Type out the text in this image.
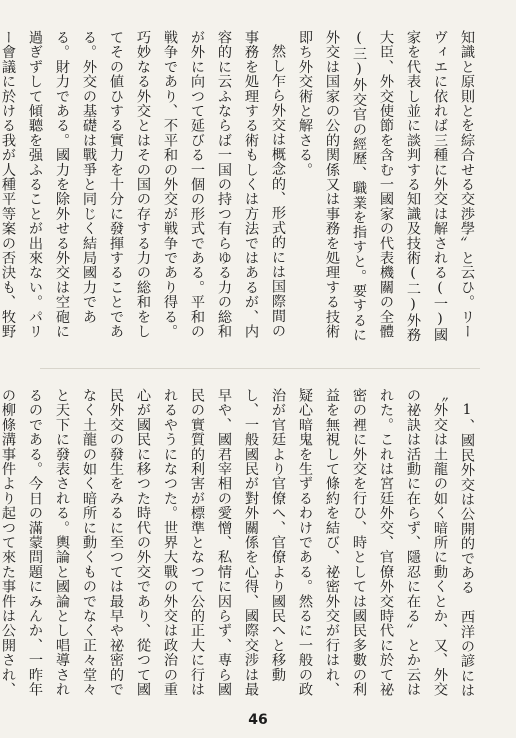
知識と原則とを綜合せる交渉學〟と云ひ。リーヴィエに依れば三種に外交は解される(一)國家を代表し並に談判する知識及技術(二)外務大臣、外交使節を含む一國家の代表機關の全體(三)外交官の經歷、職業を指すと。要するに

外交は国家の公的関係又は事務を処理する技術即ち外交術と解さる。

然し乍ら外交は概念的、形式的には国際間の事務を処理する術もしくは方法ではあるが、内容的に云ふならば一国の持つ有らゆる力の総和が外に向つて延びる一個の形式である。平和の戦争であり、不平和の外交が戦争であり得る。巧妙なる外交とはその国の存する力の総和をしてその値ひする實力を十分に發揮することである。外交の基礎は戰爭と同じく結局國力である。財力である。國力を除外せる外交は空砲に過ぎずして傾聽を强ふることが出來ない。パリー會議に於ける我が人種平等案の否決も、牧野

1、國民外交は公開的である　西洋の諺には〝外交は土龍の如く暗所に動くとか、又、外交の祕訣は活動に在らず、隱忍に在る〟とか云はれた。これは宮廷外交、官僚外交時代に於て祕密の裡に外交を行ひ、時としては國民多數の利益を無視して條約を結び、祕密外交が行はれ、疑心暗鬼を生ずるわけである。然るに一般の政治が官廷より官僚へ、官僚より國民へと移動し、一般國民が對外關係を心得、國際交涉は最早や、國君宰相の愛憎、私情に因らず、専ら國民の實質的利害が標準となつて公的正大に行はれるやうになつた。世界大戰の外交は政治の重心が國民に移つた時代の外交であり、從つて國民外交の發生をみるに至つては最早や祕密的でなく土龍の如く暗所に動くものでなく正々堂々と天下に發表される。輿論と國論とし唱導されるのである。今日の滿蒙問題にみんか、一昨年の柳條溝事件より起つて來た事件は公開され、

46
